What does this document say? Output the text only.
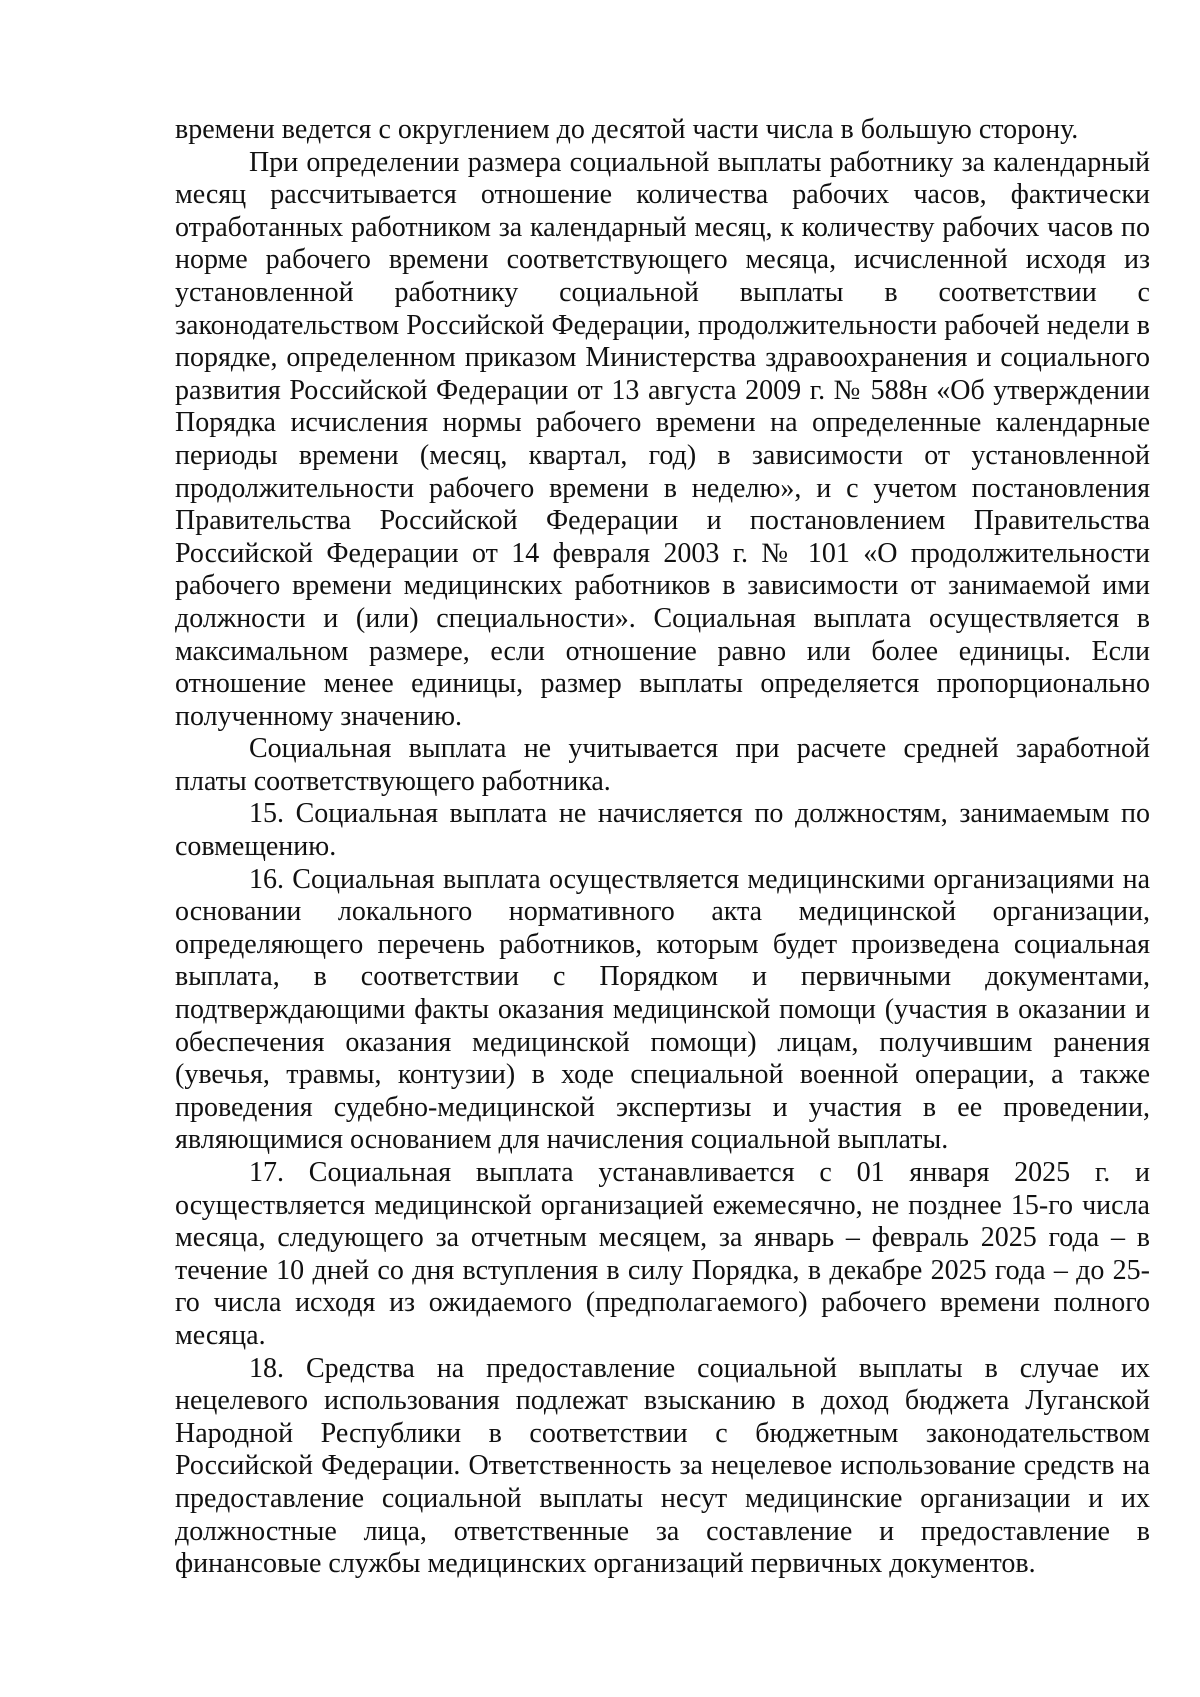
времени ведется с округлением до десятой части числа в большую сторону.

При определении размера социальной выплаты работнику за календарный месяц рассчитывается отношение количества рабочих часов, фактически отработанных работником за календарный месяц, к количеству рабочих часов по норме рабочего времени соответствующего месяца, исчисленной исходя из установленной работнику социальной выплаты в соответствии с законодательством Российской Федерации, продолжительности рабочей недели в порядке, определенном приказом Министерства здравоохранения и социального развития Российской Федерации от 13 августа 2009 г. № 588н «Об утверждении Порядка исчисления нормы рабочего времени на определенные календарные периоды времени (месяц, квартал, год) в зависимости от установленной продолжительности рабочего времени в неделю», и с учетом постановления Правительства Российской Федерации и постановлением Правительства Российской Федерации от 14 февраля 2003 г. № 101 «О продолжительности рабочего времени медицинских работников в зависимости от занимаемой ими должности и (или) специальности». Социальная выплата осуществляется в максимальном размере, если отношение равно или более единицы. Если отношение менее единицы, размер выплаты определяется пропорционально полученному значению.

Социальная выплата не учитывается при расчете средней заработной платы соответствующего работника.

15. Социальная выплата не начисляется по должностям, занимаемым по совмещению.

16. Социальная выплата осуществляется медицинскими организациями на основании локального нормативного акта медицинской организации, определяющего перечень работников, которым будет произведена социальная выплата, в соответствии с Порядком и первичными документами, подтверждающими факты оказания медицинской помощи (участия в оказании и обеспечения оказания медицинской помощи) лицам, получившим ранения (увечья, травмы, контузии) в ходе специальной военной операции, а также проведения судебно-медицинской экспертизы и участия в ее проведении, являющимися основанием для начисления социальной выплаты.

17. Социальная выплата устанавливается с 01 января 2025 г. и осуществляется медицинской организацией ежемесячно, не позднее 15-го числа месяца, следующего за отчетным месяцем, за январь – февраль 2025 года – в течение 10 дней со дня вступления в силу Порядка, в декабре 2025 года – до 25-го числа исходя из ожидаемого (предполагаемого) рабочего времени полного месяца.

18. Средства на предоставление социальной выплаты в случае их нецелевого использования подлежат взысканию в доход бюджета Луганской Народной Республики в соответствии с бюджетным законодательством Российской Федерации. Ответственность за нецелевое использование средств на предоставление социальной выплаты несут медицинские организации и их должностные лица, ответственные за составление и предоставление в финансовые службы медицинских организаций первичных документов.
